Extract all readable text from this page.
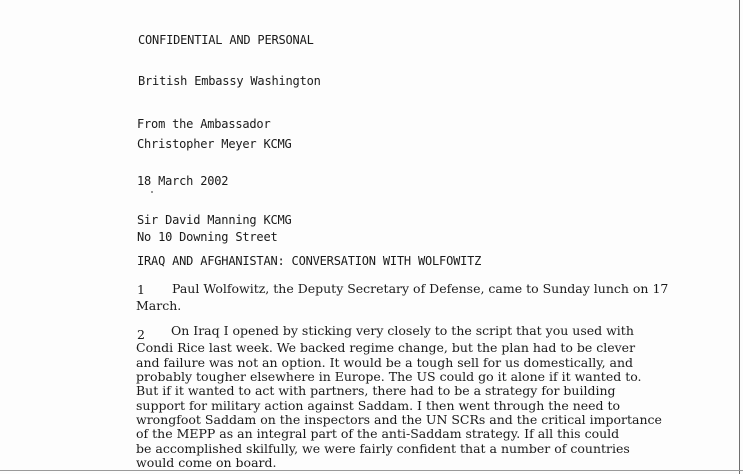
CONFIDENTIAL AND PERSONAL
British Embassy Washington
From the Ambassador
Christopher Meyer KCMG
18 March 2002
Sir David Manning KCMG
No 10 Downing Street
IRAQ AND AFGHANISTAN: CONVERSATION WITH WOLFOWITZ
1 Paul Wolfowitz, the Deputy Secretary of Defense, came to Sunday lunch on 17
March.
2 On Iraq I opened by sticking very closely to the script that you used with
Condi Rice last week. We backed regime change, but the plan had to be clever
and failure was not an option. It would be a tough sell for us domestically, and
probably tougher elsewhere in Europe. The US could go it alone if it wanted to.
But if it wanted to act with partners, there had to be a strategy for building
support for military action against Saddam. I then went through the need to
wrongfoot Saddam on the inspectors and the UN SCRs and the critical importance
of the MEPP as an integral part of the anti-Saddam strategy. If all this could
be accomplished skilfully, we were fairly confident that a number of countries
would come on board.
